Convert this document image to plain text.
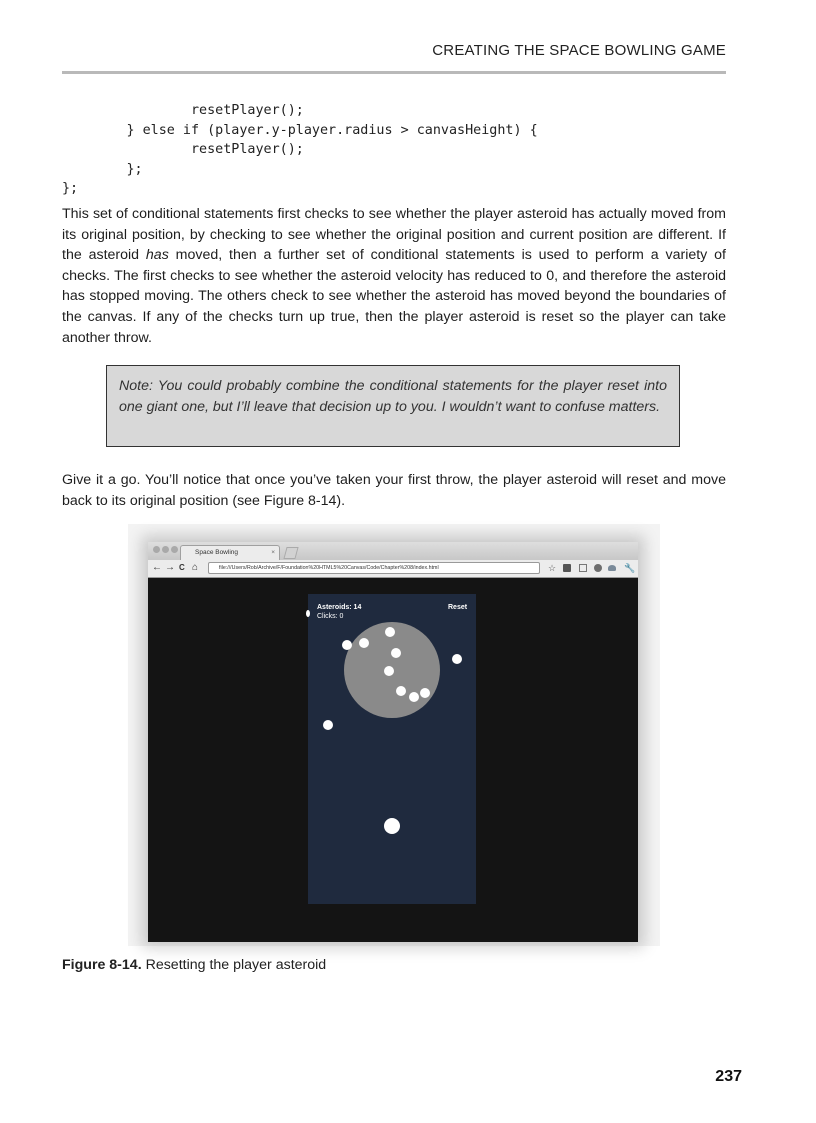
CREATING THE SPACE BOWLING GAME
resetPlayer();
} else if (player.y-player.radius > canvasHeight) {
resetPlayer();
};
};
This set of conditional statements first checks to see whether the player asteroid has actually moved from its original position, by checking to see whether the original position and current position are different. If the asteroid has moved, then a further set of conditional statements is used to perform a variety of checks. The first checks to see whether the asteroid velocity has reduced to 0, and therefore the asteroid has stopped moving. The others check to see whether the asteroid has moved beyond the boundaries of the canvas. If any of the checks turn up true, then the player asteroid is reset so the player can take another throw.

Note: You could probably combine the conditional statements for the player reset into one giant one, but I’ll leave that decision up to you. I wouldn’t want to confuse matters.

Give it a go. You’ll notice that once you’ve taken your first throw, the player asteroid will reset and move back to its original position (see Figure 8-14).
Space Bowling	×
← → C ⌂	file:///Users/Rob/Archive/F/Foundation%20HTML5%20Canvas/Code/Chapter%208/index.html	☆	🔧
Asteroids: 14
Clicks: 0
Reset
Figure 8-14. Resetting the player asteroid
237
